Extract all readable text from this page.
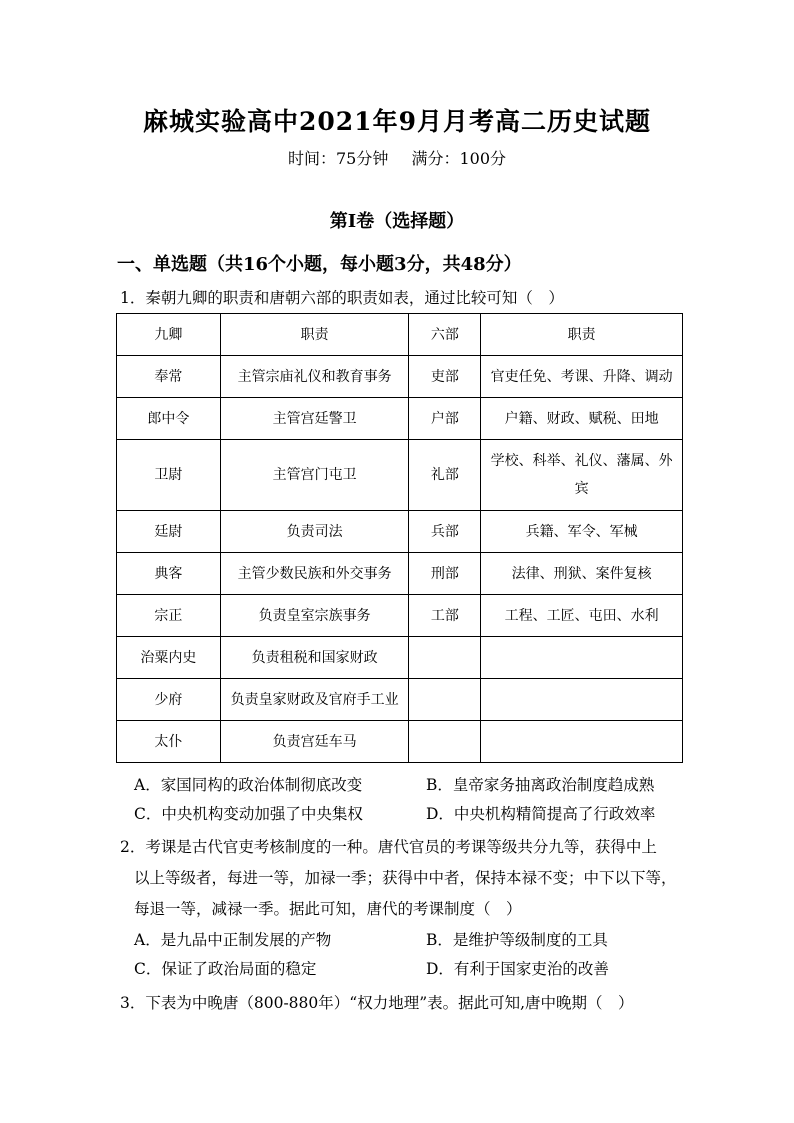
麻城实验高中2021年9月月考高二历史试题
时间：75分钟 满分：100分
第Ⅰ卷（选择题）
一、单选题（共16个小题，每小题3分，共48分）
1．秦朝九卿的职责和唐朝六部的职责如表，通过比较可知（　）
九卿	职责	六部	职责
奉常	主管宗庙礼仪和教育事务	吏部	官吏任免、考课、升降、调动
郎中令	主管宫廷警卫	户部	户籍、财政、赋税、田地
卫尉	主管宫门屯卫	礼部	学校、科举、礼仪、藩属、外宾
廷尉	负责司法	兵部	兵籍、军令、军械
典客	主管少数民族和外交事务	刑部	法律、刑狱、案件复核
宗正	负责皇室宗族事务	工部	工程、工匠、屯田、水利
治粟内史	负责租税和国家财政		
少府	负责皇家财政及官府手工业		
太仆	负责宫廷车马		
A．家国同构的政治体制彻底改变	B．皇帝家务抽离政治制度趋成熟
C．中央机构变动加强了中央集权	D．中央机构精简提高了行政效率
2．考课是古代官吏考核制度的一种。唐代官员的考课等级共分九等，获得中上
以上等级者，每进一等，加禄一季；获得中中者，保持本禄不变；中下以下等，
每退一等，减禄一季。据此可知，唐代的考课制度（　）
A．是九品中正制发展的产物	B．是维护等级制度的工具
C．保证了政治局面的稳定	D．有利于国家吏治的改善
3．下表为中晚唐（800-880年）“权力地理”表。据此可知,唐中晚期（　）
